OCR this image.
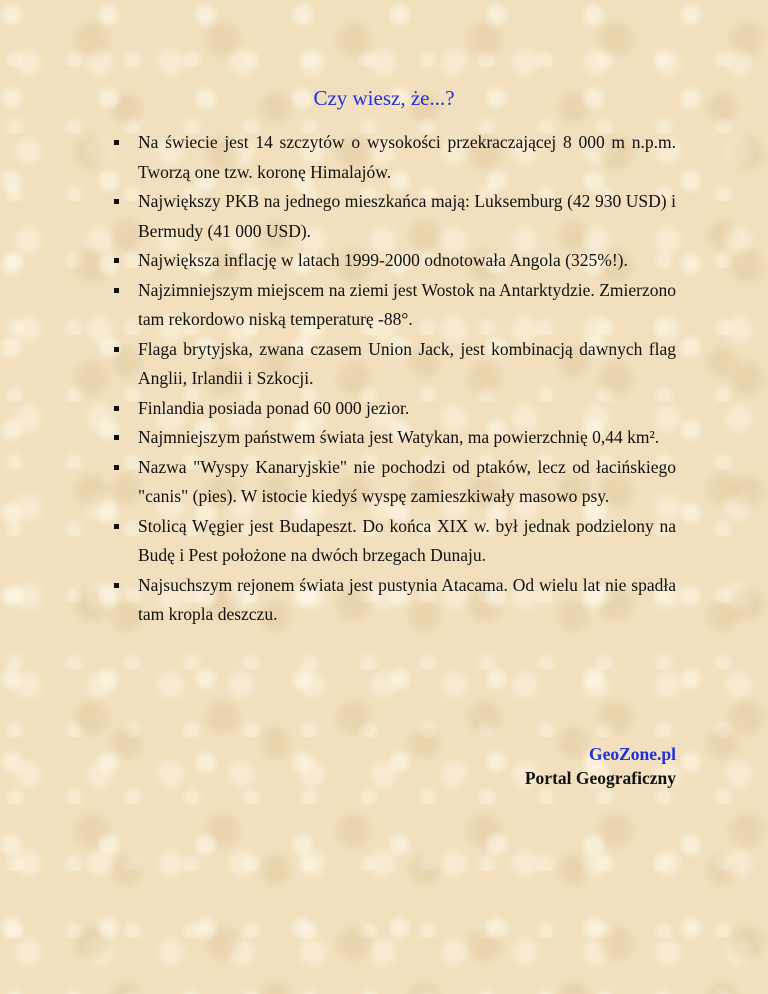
Czy wiesz, że...?
Na świecie jest 14 szczytów o wysokości przekraczającej 8 000 m n.p.m. Tworzą one tzw. koronę Himalajów.
Największy PKB na jednego mieszkańca mają: Luksemburg (42 930 USD) i Bermudy (41 000 USD).
Największa inflację w latach 1999-2000 odnotowała Angola (325%!).
Najzimniejszym miejscem na ziemi jest Wostok na Antarktydzie. Zmierzono tam rekordowo niską temperaturę -88°.
Flaga brytyjska, zwana czasem Union Jack, jest kombinacją dawnych flag Anglii, Irlandii i Szkocji.
Finlandia posiada ponad 60 000 jezior.
Najmniejszym państwem świata jest Watykan, ma powierzchnię 0,44 km².
Nazwa "Wyspy Kanaryjskie" nie pochodzi od ptaków, lecz od łacińskiego "canis" (pies). W istocie kiedyś wyspę zamieszkiwały masowo psy.
Stolicą Węgier jest Budapeszt. Do końca XIX w. był jednak podzielony na Budę i Pest położone na dwóch brzegach Dunaju.
Najsuchszym rejonem świata jest pustynia Atacama. Od wielu lat nie spadła tam kropla deszczu.
GeoZone.pl
Portal Geograficzny
